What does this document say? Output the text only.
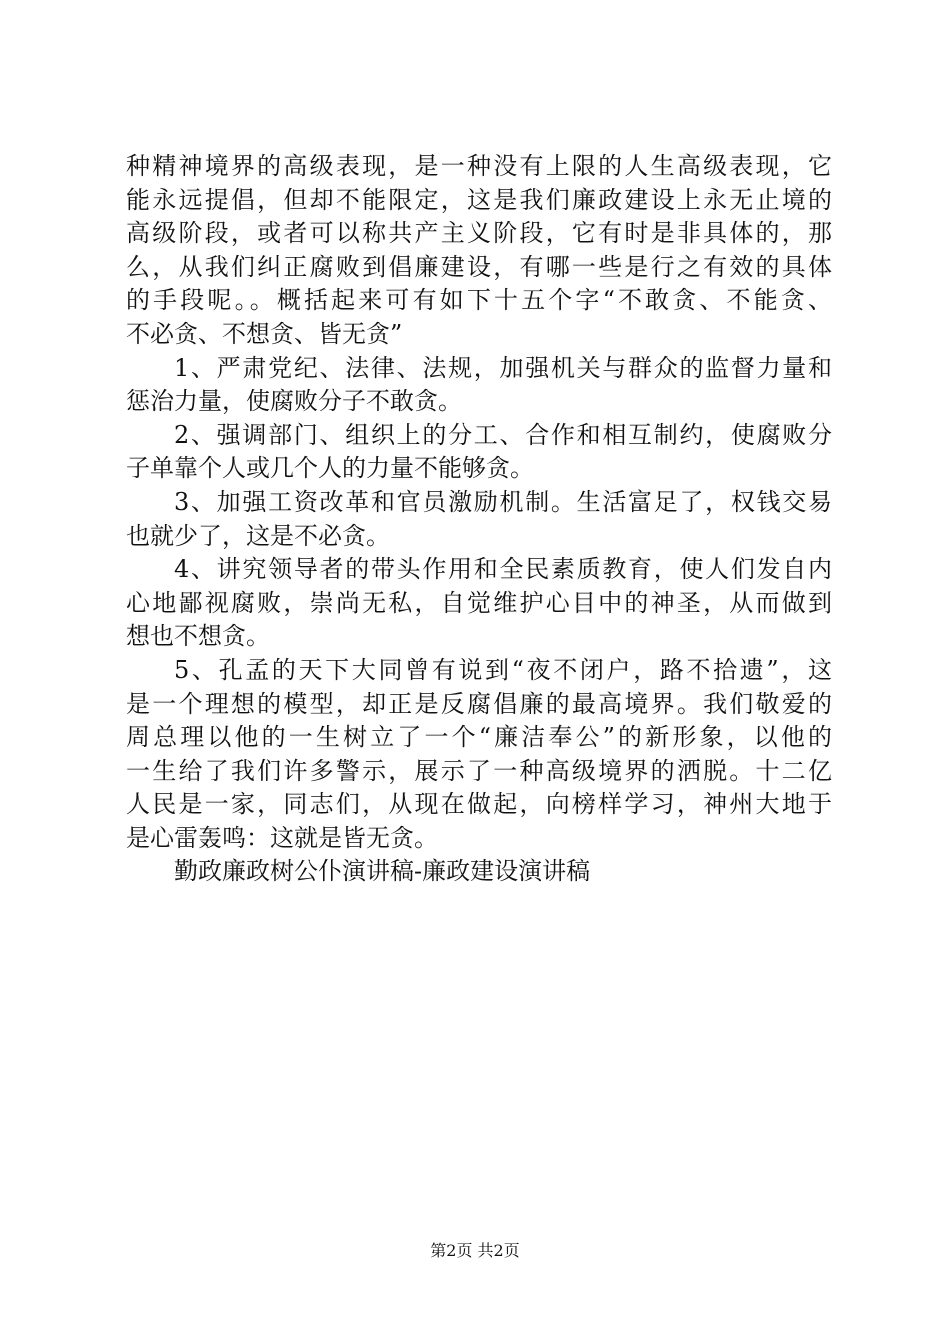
种精神境界的高级表现，是一种没有上限的人生高级表现，它
能永远提倡，但却不能限定，这是我们廉政建设上永无止境的
高级阶段，或者可以称共产主义阶段，它有时是非具体的，那
么，从我们纠正腐败到倡廉建设，有哪一些是行之有效的具体
的手段呢。。概括起来可有如下十五个字“不敢贪、不能贪、
不必贪、不想贪、皆无贪”
1、严肃党纪、法律、法规，加强机关与群众的监督力量和
惩治力量，使腐败分子不敢贪。
2、强调部门、组织上的分工、合作和相互制约，使腐败分
子单靠个人或几个人的力量不能够贪。
3、加强工资改革和官员激励机制。生活富足了，权钱交易
也就少了，这是不必贪。
4、讲究领导者的带头作用和全民素质教育，使人们发自内
心地鄙视腐败，崇尚无私，自觉维护心目中的神圣，从而做到
想也不想贪。
5、孔孟的天下大同曾有说到“夜不闭户，路不拾遗”，这
是一个理想的模型，却正是反腐倡廉的最高境界。我们敬爱的
周总理以他的一生树立了一个“廉洁奉公”的新形象，以他的
一生给了我们许多警示，展示了一种高级境界的洒脱。十二亿
人民是一家，同志们，从现在做起，向榜样学习，神州大地于
是心雷轰鸣：这就是皆无贪。
勤政廉政树公仆演讲稿-廉政建设演讲稿
第2页 共2页
